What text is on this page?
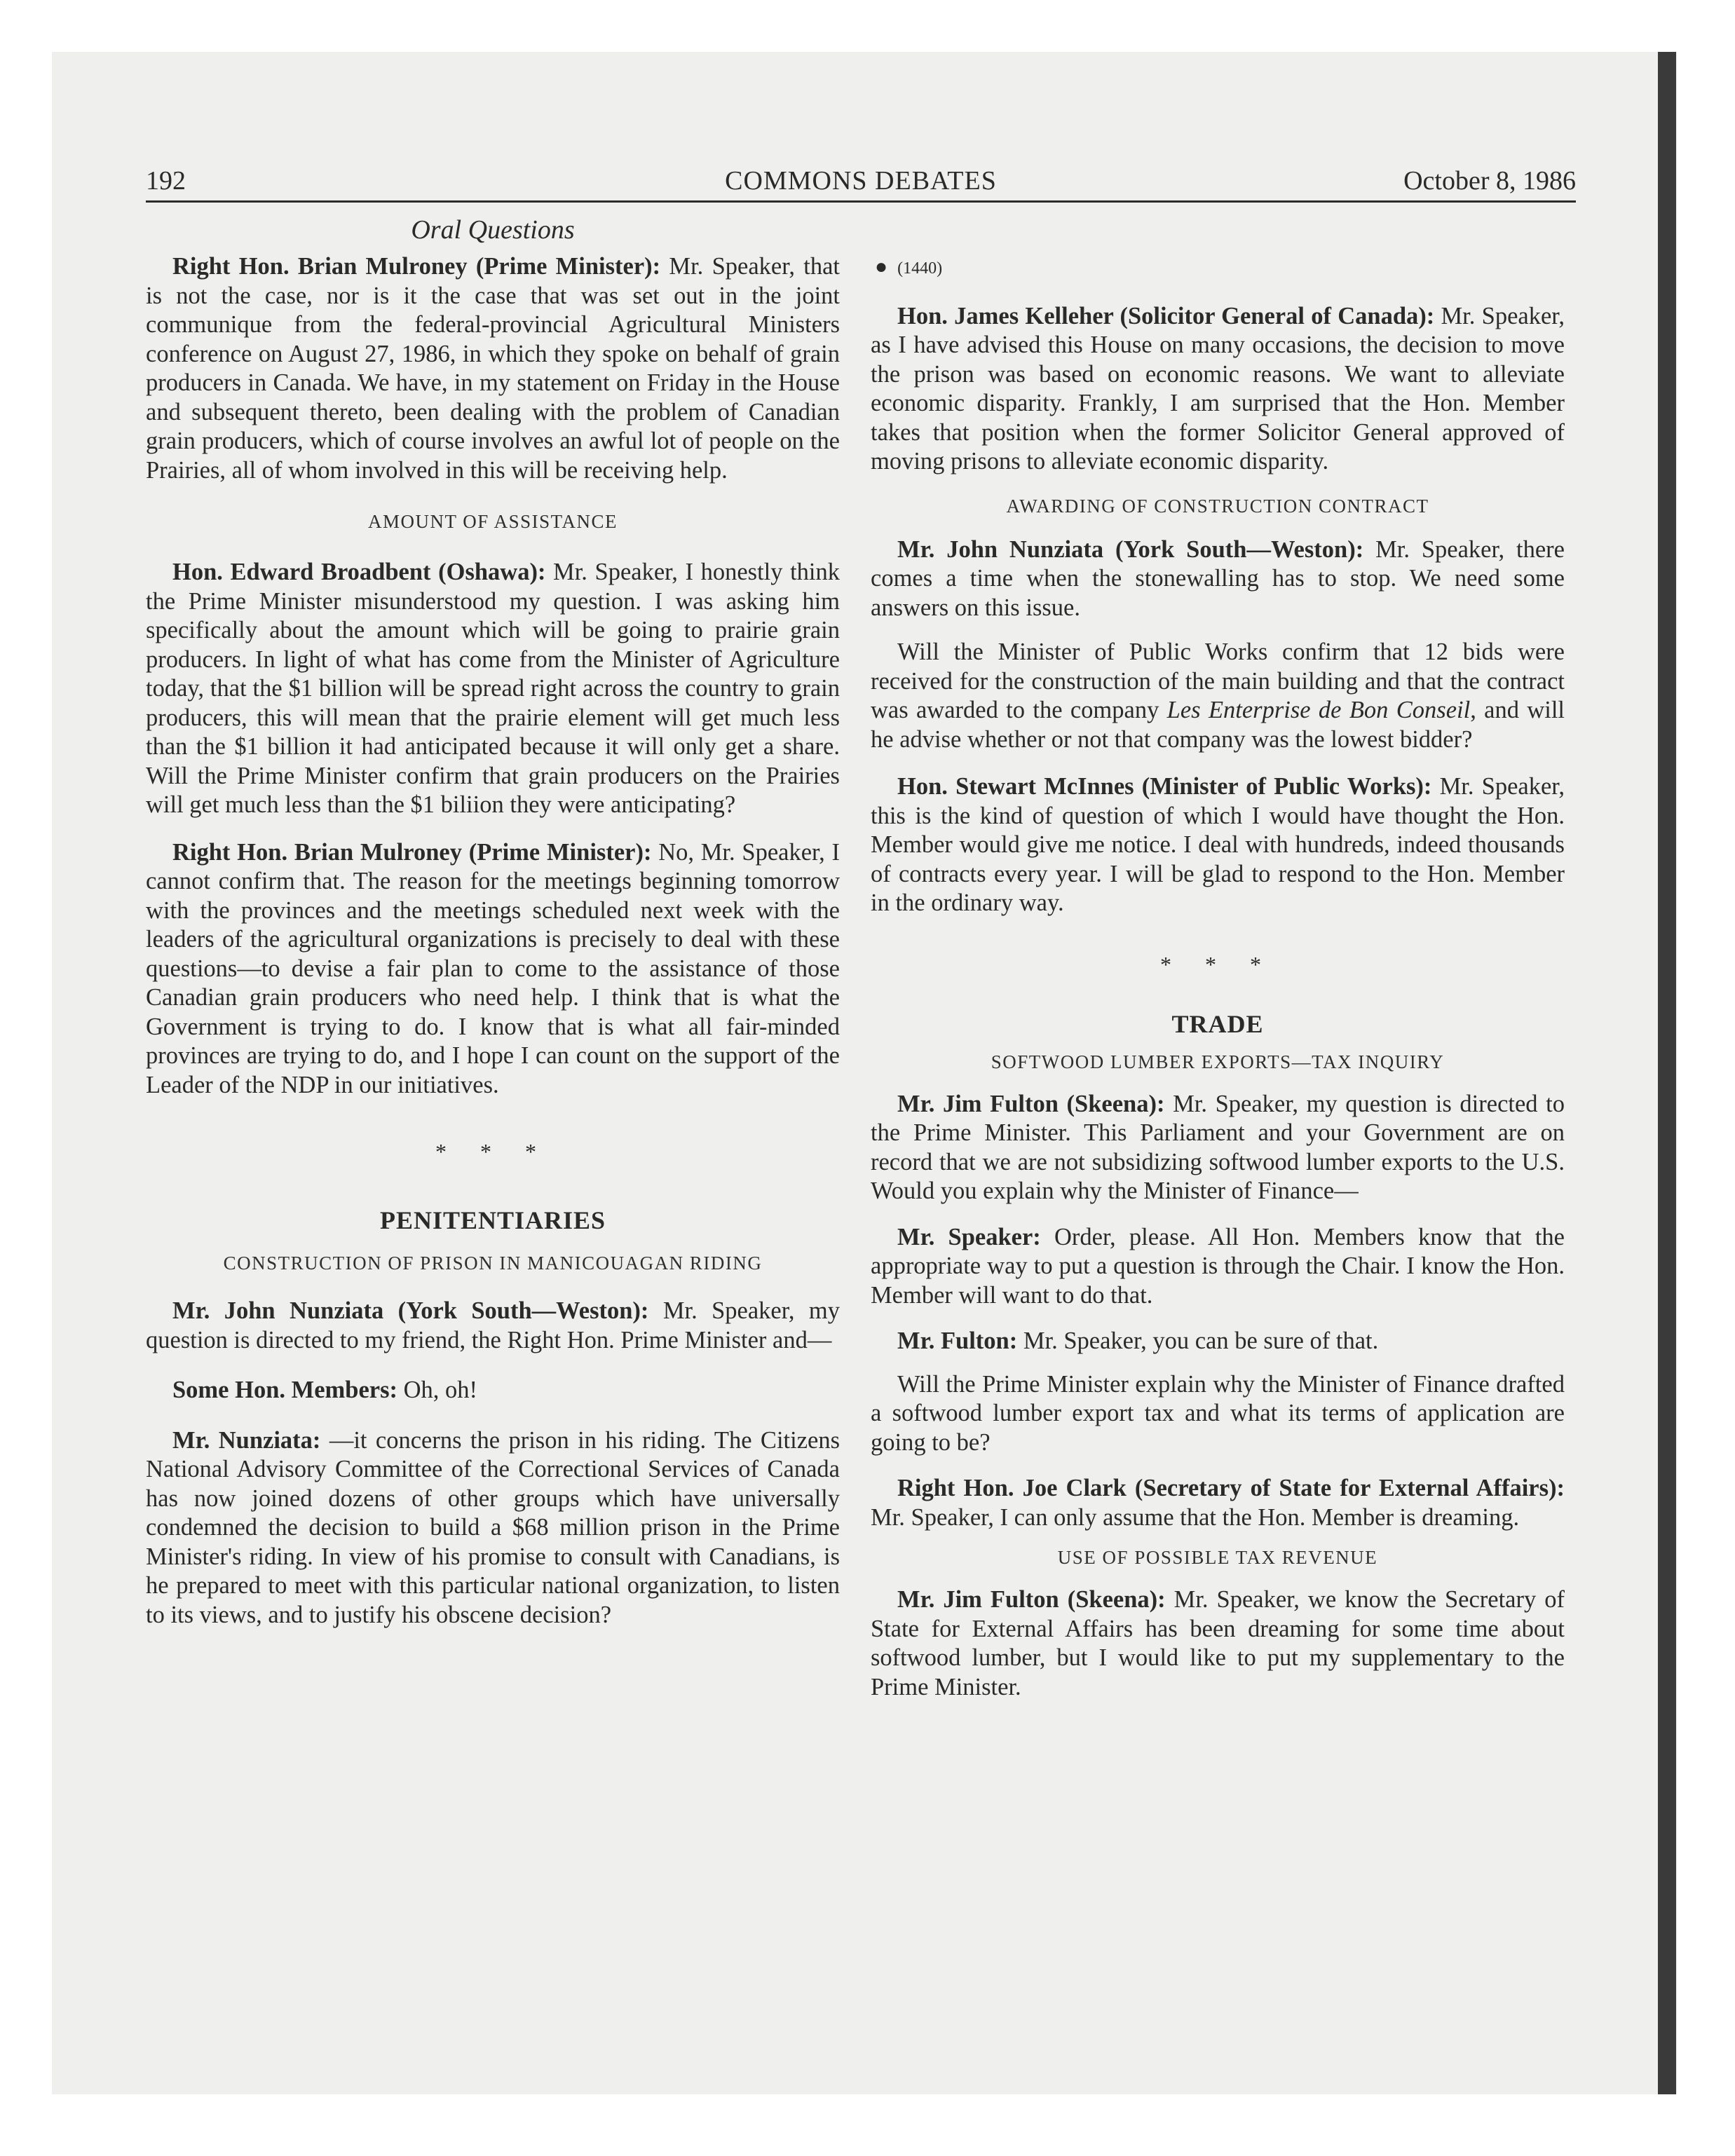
192	COMMONS DEBATES	October 8, 1986
Oral Questions

Right Hon. Brian Mulroney (Prime Minister): Mr. Speaker, that is not the case, nor is it the case that was set out in the joint communique from the federal-provincial Agricultural Ministers conference on August 27, 1986, in which they spoke on behalf of grain producers in Canada. We have, in my statement on Friday in the House and subsequent thereto, been dealing with the problem of Canadian grain producers, which of course involves an awful lot of people on the Prairies, all of whom involved in this will be receiving help.

AMOUNT OF ASSISTANCE

Hon. Edward Broadbent (Oshawa): Mr. Speaker, I honestly think the Prime Minister misunderstood my question. I was asking him specifically about the amount which will be going to prairie grain producers. In light of what has come from the Minister of Agriculture today, that the $1 billion will be spread right across the country to grain producers, this will mean that the prairie element will get much less than the $1 billion it had anticipated because it will only get a share. Will the Prime Minister confirm that grain producers on the Prairies will get much less than the $1 biliion they were anticipating?

Right Hon. Brian Mulroney (Prime Minister): No, Mr. Speaker, I cannot confirm that. The reason for the meetings beginning tomorrow with the provinces and the meetings scheduled next week with the leaders of the agricultural organizations is precisely to deal with these questions—to devise a fair plan to come to the assistance of those Canadian grain producers who need help. I think that is what the Government is trying to do. I know that is what all fair-minded provinces are trying to do, and I hope I can count on the support of the Leader of the NDP in our initiatives.

* * *
PENITENTIARIES
CONSTRUCTION OF PRISON IN MANICOUAGAN RIDING

Mr. John Nunziata (York South—Weston): Mr. Speaker, my question is directed to my friend, the Right Hon. Prime Minister and—

Some Hon. Members: Oh, oh!

Mr. Nunziata: —it concerns the prison in his riding. The Citizens National Advisory Committee of the Correctional Services of Canada has now joined dozens of other groups which have universally condemned the decision to build a $68 million prison in the Prime Minister's riding. In view of his promise to consult with Canadians, is he prepared to meet with this particular national organization, to listen to its views, and to justify his obscene decision?

● (1440)

Hon. James Kelleher (Solicitor General of Canada): Mr. Speaker, as I have advised this House on many occasions, the decision to move the prison was based on economic reasons. We want to alleviate economic disparity. Frankly, I am surprised that the Hon. Member takes that position when the former Solicitor General approved of moving prisons to alleviate economic disparity.

AWARDING OF CONSTRUCTION CONTRACT

Mr. John Nunziata (York South—Weston): Mr. Speaker, there comes a time when the stonewalling has to stop. We need some answers on this issue.

Will the Minister of Public Works confirm that 12 bids were received for the construction of the main building and that the contract was awarded to the company Les Enterprise de Bon Conseil, and will he advise whether or not that company was the lowest bidder?

Hon. Stewart McInnes (Minister of Public Works): Mr. Speaker, this is the kind of question of which I would have thought the Hon. Member would give me notice. I deal with hundreds, indeed thousands of contracts every year. I will be glad to respond to the Hon. Member in the ordinary way.

* * *
TRADE
SOFTWOOD LUMBER EXPORTS—TAX INQUIRY

Mr. Jim Fulton (Skeena): Mr. Speaker, my question is directed to the Prime Minister. This Parliament and your Government are on record that we are not subsidizing softwood lumber exports to the U.S. Would you explain why the Minister of Finance—

Mr. Speaker: Order, please. All Hon. Members know that the appropriate way to put a question is through the Chair. I know the Hon. Member will want to do that.

Mr. Fulton: Mr. Speaker, you can be sure of that.

Will the Prime Minister explain why the Minister of Finance drafted a softwood lumber export tax and what its terms of application are going to be?

Right Hon. Joe Clark (Secretary of State for External Affairs): Mr. Speaker, I can only assume that the Hon. Member is dreaming.

USE OF POSSIBLE TAX REVENUE

Mr. Jim Fulton (Skeena): Mr. Speaker, we know the Secretary of State for External Affairs has been dreaming for some time about softwood lumber, but I would like to put my supplementary to the Prime Minister.
